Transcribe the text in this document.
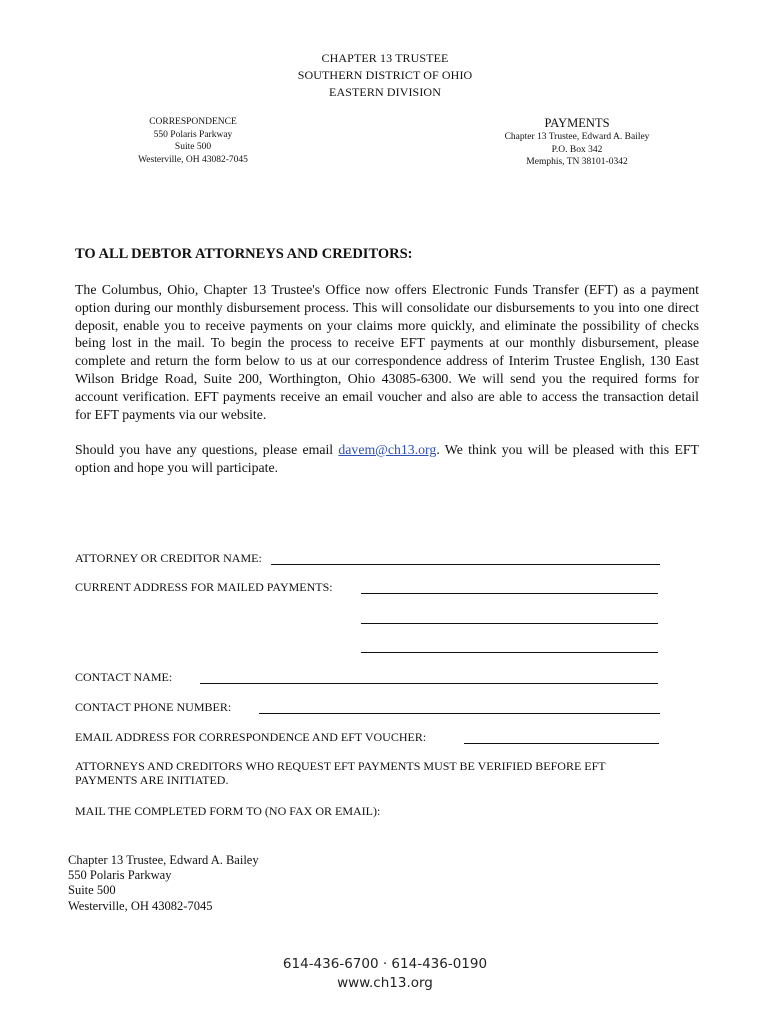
CHAPTER 13 TRUSTEE
SOUTHERN DISTRICT OF OHIO
EASTERN DIVISION
CORRESPONDENCE
550 Polaris Parkway
Suite 500
Westerville, OH 43082-7045
PAYMENTS
Chapter 13 Trustee, Edward A. Bailey
P.O. Box 342
Memphis, TN 38101-0342
TO ALL DEBTOR ATTORNEYS AND CREDITORS:
The Columbus, Ohio, Chapter 13 Trustee's Office now offers Electronic Funds Transfer (EFT) as a payment option during our monthly disbursement process. This will consolidate our disbursements to you into one direct deposit, enable you to receive payments on your claims more quickly, and eliminate the possibility of checks being lost in the mail. To begin the process to receive EFT payments at our monthly disbursement, please complete and return the form below to us at our correspondence address of Interim Trustee English, 130 East Wilson Bridge Road, Suite 200, Worthington, Ohio 43085-6300. We will send you the required forms for account verification. EFT payments receive an email voucher and also are able to access the transaction detail for EFT payments via our website.
Should you have any questions, please email davem@ch13.org. We think you will be pleased with this EFT option and hope you will participate.
ATTORNEY OR CREDITOR NAME:
CURRENT ADDRESS FOR MAILED PAYMENTS:
CONTACT NAME:
CONTACT PHONE NUMBER:
EMAIL ADDRESS FOR CORRESPONDENCE AND EFT VOUCHER:
ATTORNEYS AND CREDITORS WHO REQUEST EFT PAYMENTS MUST BE VERIFIED BEFORE EFT PAYMENTS ARE INITIATED.
MAIL THE COMPLETED FORM TO (NO FAX OR EMAIL):
Chapter 13 Trustee, Edward A. Bailey
550 Polaris Parkway
Suite 500
Westerville, OH 43082-7045
614-436-6700 · 614-436-0190
www.ch13.org
